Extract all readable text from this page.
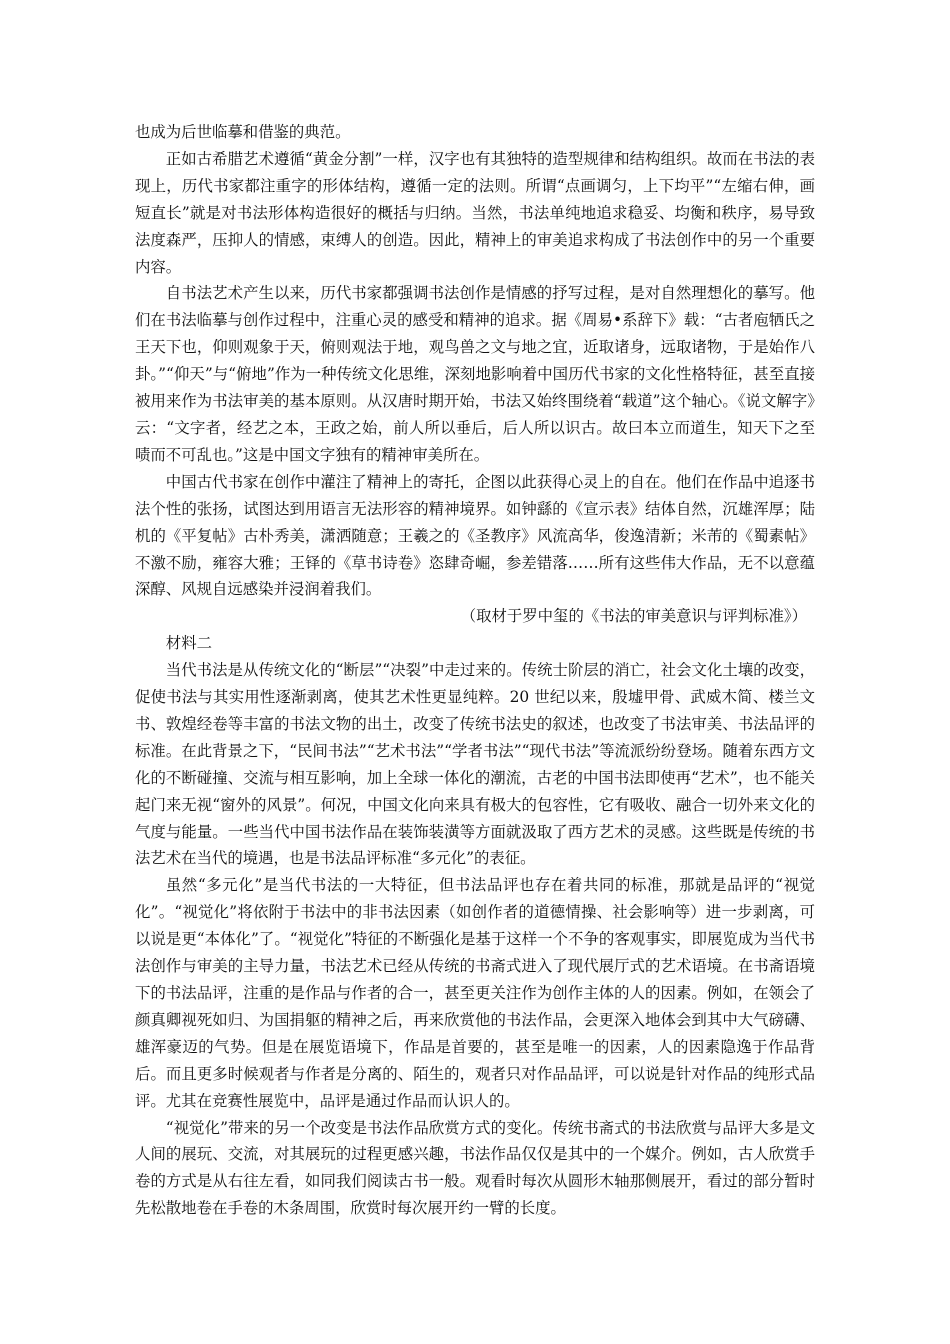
也成为后世临摹和借鉴的典范。

正如古希腊艺术遵循“黄金分割”一样，汉字也有其独特的造型规律和结构组织。故而在书法的表现上，历代书家都注重字的形体结构，遵循一定的法则。所谓“点画调匀，上下均平”“左缩右伸，画短直长”就是对书法形体构造很好的概括与归纳。当然，书法单纯地追求稳妥、均衡和秩序，易导致法度森严，压抑人的情感，束缚人的创造。因此，精神上的审美追求构成了书法创作中的另一个重要内容。

自书法艺术产生以来，历代书家都强调书法创作是情感的抒写过程，是对自然理想化的摹写。他们在书法临摹与创作过程中，注重心灵的感受和精神的追求。据《周易•系辞下》载：“古者庖牺氏之王天下也，仰则观象于天，俯则观法于地，观鸟兽之文与地之宜，近取诸身，远取诸物，于是始作八卦。”“仰天”与“俯地”作为一种传统文化思维，深刻地影响着中国历代书家的文化性格特征，甚至直接被用来作为书法审美的基本原则。从汉唐时期开始，书法又始终围绕着“载道”这个轴心。《说文解字》云：“文字者，经艺之本，王政之始，前人所以垂后，后人所以识古。故曰本立而道生，知天下之至啧而不可乱也。”这是中国文字独有的精神审美所在。

中国古代书家在创作中灌注了精神上的寄托，企图以此获得心灵上的自在。他们在作品中追逐书法个性的张扬，试图达到用语言无法形容的精神境界。如钟繇的《宣示表》结体自然，沉雄浑厚；陆机的《平复帖》古朴秀美，潇洒随意；王羲之的《圣教序》风流高华，俊逸清新；米芾的《蜀素帖》不激不励，雍容大雅；王铎的《草书诗卷》恣肆奇崛，参差错落……所有这些伟大作品，无不以意蕴深醇、风规自远感染并浸润着我们。

（取材于罗中玺的《书法的审美意识与评判标准》）

材料二

当代书法是从传统文化的“断层”“决裂”中走过来的。传统士阶层的消亡，社会文化土壤的改变，促使书法与其实用性逐渐剥离，使其艺术性更显纯粹。20 世纪以来，殷墟甲骨、武威木简、楼兰文书、敦煌经卷等丰富的书法文物的出土，改变了传统书法史的叙述，也改变了书法审美、书法品评的标准。在此背景之下，“民间书法”“艺术书法”“学者书法”“现代书法”等流派纷纷登场。随着东西方文化的不断碰撞、交流与相互影响，加上全球一体化的潮流，古老的中国书法即使再“艺术”，也不能关起门来无视“窗外的风景”。何况，中国文化向来具有极大的包容性，它有吸收、融合一切外来文化的气度与能量。一些当代中国书法作品在装饰装潢等方面就汲取了西方艺术的灵感。这些既是传统的书法艺术在当代的境遇，也是书法品评标准“多元化”的表征。

虽然“多元化”是当代书法的一大特征，但书法品评也存在着共同的标准，那就是品评的“视觉化”。“视觉化”将依附于书法中的非书法因素（如创作者的道德情操、社会影响等）进一步剥离，可以说是更“本体化”了。“视觉化”特征的不断强化是基于这样一个不争的客观事实，即展览成为当代书法创作与审美的主导力量，书法艺术已经从传统的书斋式进入了现代展厅式的艺术语境。在书斋语境下的书法品评，注重的是作品与作者的合一，甚至更关注作为创作主体的人的因素。例如，在领会了颜真卿视死如归、为国捐躯的精神之后，再来欣赏他的书法作品，会更深入地体会到其中大气磅礴、雄浑豪迈的气势。但是在展览语境下，作品是首要的，甚至是唯一的因素，人的因素隐逸于作品背后。而且更多时候观者与作者是分离的、陌生的，观者只对作品品评，可以说是针对作品的纯形式品评。尤其在竞赛性展览中，品评是通过作品而认识人的。

“视觉化”带来的另一个改变是书法作品欣赏方式的变化。传统书斋式的书法欣赏与品评大多是文人间的展玩、交流，对其展玩的过程更感兴趣，书法作品仅仅是其中的一个媒介。例如，古人欣赏手卷的方式是从右往左看，如同我们阅读古书一般。观看时每次从圆形木轴那侧展开，看过的部分暂时先松散地卷在手卷的木条周围，欣赏时每次展开约一臂的长度。
